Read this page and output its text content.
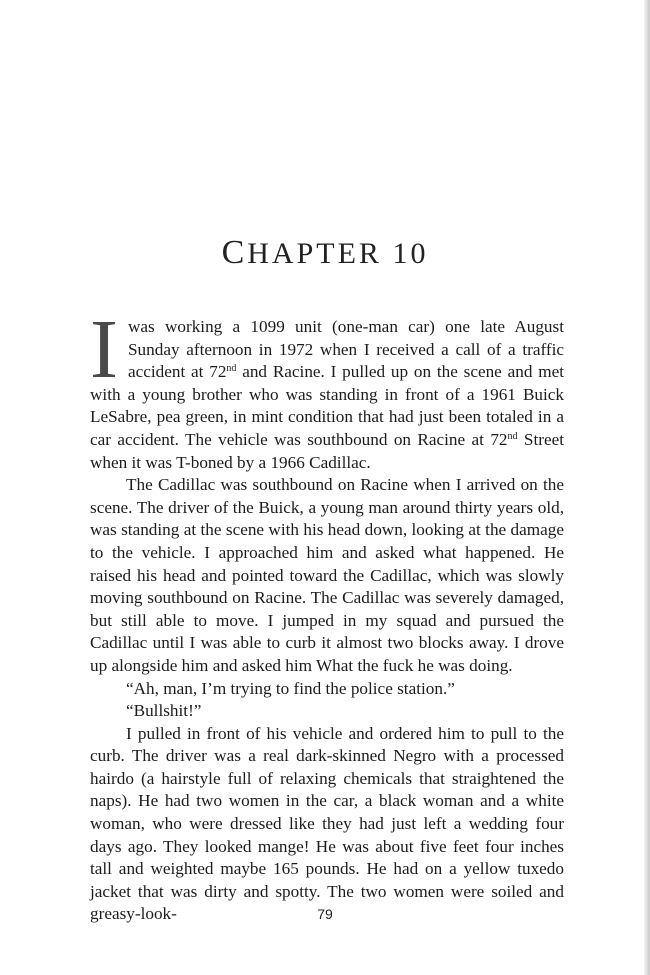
CHAPTER 10

I was working a 1099 unit (one-man car) one late August Sunday afternoon in 1972 when I received a call of a traffic accident at 72nd and Racine. I pulled up on the scene and met with a young brother who was standing in front of a 1961 Buick LeSabre, pea green, in mint condition that had just been totaled in a car accident. The vehicle was southbound on Racine at 72nd Street when it was T-boned by a 1966 Cadillac.

The Cadillac was southbound on Racine when I arrived on the scene. The driver of the Buick, a young man around thirty years old, was standing at the scene with his head down, looking at the damage to the vehicle. I approached him and asked what happened. He raised his head and pointed toward the Cadillac, which was slowly moving southbound on Racine. The Cadillac was severely damaged, but still able to move. I jumped in my squad and pursued the Cadillac until I was able to curb it almost two blocks away. I drove up alongside him and asked him What the fuck he was doing.

“Ah, man, I’m trying to find the police station.”

“Bullshit!”

I pulled in front of his vehicle and ordered him to pull to the curb. The driver was a real dark-skinned Negro with a processed hairdo (a hairstyle full of relaxing chemicals that straightened the naps). He had two women in the car, a black woman and a white woman, who were dressed like they had just left a wedding four days ago. They looked mange! He was about five feet four inches tall and weighted maybe 165 pounds. He had on a yellow tuxedo jacket that was dirty and spotty. The two women were soiled and greasy-look-	79
